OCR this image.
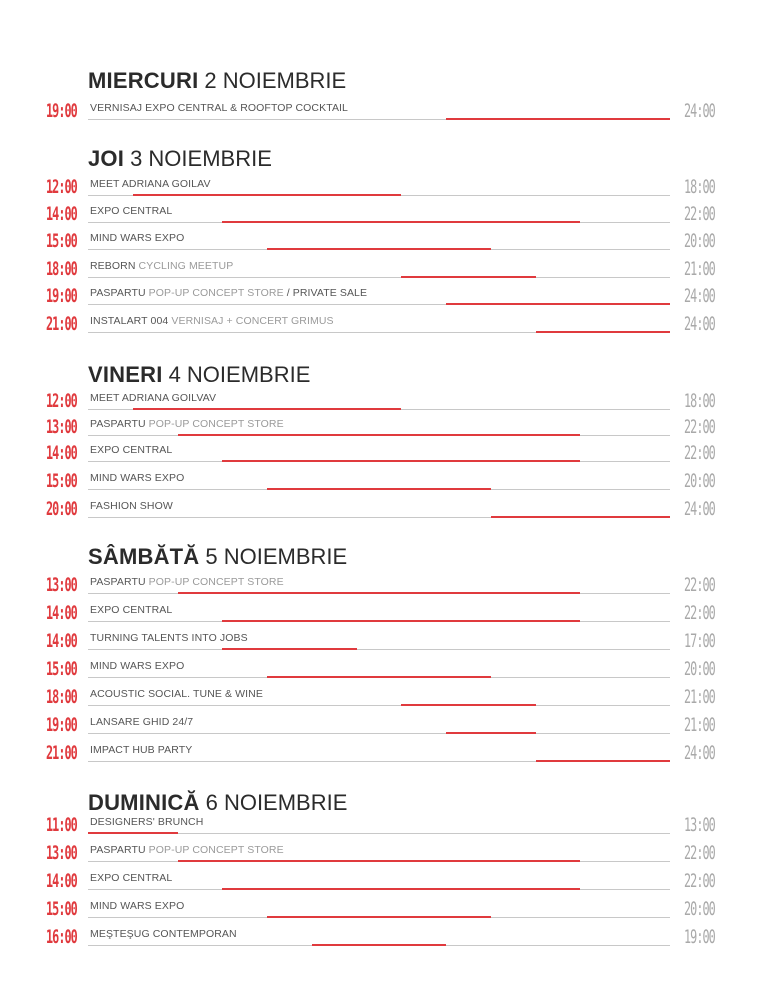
MIERCURI 2 NOIEMBRIE
19:00 VERNISAJ EXPO CENTRAL & ROOFTOP COCKTAIL	24:00
JOI 3 NOIEMBRIE
12:00 MEET ADRIANA GOILAV	18:00
14:00 EXPO CENTRAL	22:00
15:00 MIND WARS EXPO	20:00
18:00 REBORN CYCLING MEETUP	21:00
19:00 PASPARTU POP-UP CONCEPT STORE / PRIVATE SALE	24:00
21:00 INSTALART 004 VERNISAJ + CONCERT GRIMUS	24:00
VINERI 4 NOIEMBRIE
12:00 MEET ADRIANA GOILVAV	18:00
13:00 PASPARTU POP-UP CONCEPT STORE	22:00
14:00 EXPO CENTRAL	22:00
15:00 MIND WARS EXPO	20:00
20:00 FASHION SHOW	24:00
SÂMBĂTĂ 5 NOIEMBRIE
13:00 PASPARTU POP-UP CONCEPT STORE	22:00
14:00 EXPO CENTRAL	22:00
14:00 TURNING TALENTS INTO JOBS	17:00
15:00 MIND WARS EXPO	20:00
18:00 ACOUSTIC SOCIAL. TUNE & WINE	21:00
19:00 LANSARE GHID 24/7	21:00
21:00 IMPACT HUB PARTY	24:00
DUMINICĂ 6 NOIEMBRIE
11:00 DESIGNERS' BRUNCH	13:00
13:00 PASPARTU POP-UP CONCEPT STORE	22:00
14:00 EXPO CENTRAL	22:00
15:00 MIND WARS EXPO	20:00
16:00 MEŞTEŞUG CONTEMPORAN	19:00
